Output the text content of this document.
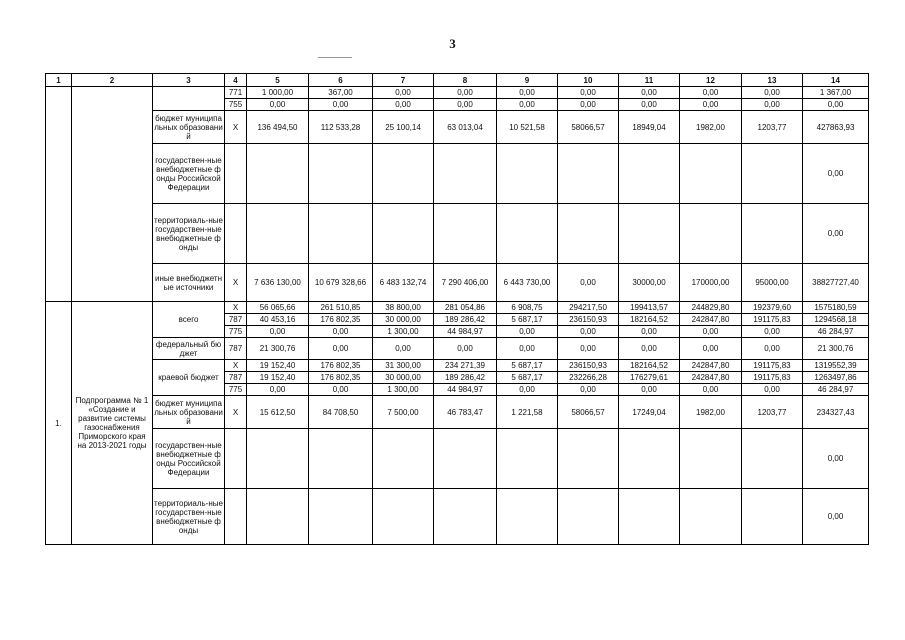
3
1	2	3	4	5	6	7	8	9	10	11	12	13	14
			771	1 000,00	367,00	0,00	0,00	0,00	0,00	0,00	0,00	0,00	1 367,00
			755	0,00	0,00	0,00	0,00	0,00	0,00	0,00	0,00	0,00	0,00
		бюджет муниципальных образований	X	136 494,50	112 533,28	25 100,14	63 013,04	10 521,58	58066,57	18949,04	1982,00	1203,77	427863,93
		государствен-ные внебюджетные фонды Российской Федерации											0,00
		территориаль-ные государствен-ные внебюджетные фонды											0,00
		иные внебюджетные источники	X	7 636 130,00	10 679 328,66	6 483 132,74	7 290 406,00	6 443 730,00	0,00	30000,00	170000,00	95000,00	38827727,40
1.	Подпрограмма № 1 «Создание и развитие системы газоснабжения Приморского края на 2013-2021 годы	всего	X	56 065,66	261 510,85	38 800,00	281 054,86	6 908,75	294217,50	199413,57	244829,80	192379,60	1575180,59
			787	40 453,16	176 802,35	30 000,00	189 286,42	5 687,17	236150,93	182164,52	242847,80	191175,83	1294568,18
			775	0,00	0,00	1 300,00	44 984,97	0,00	0,00	0,00	0,00	0,00	46 284,97
		федеральный бюджет	787	21 300,76	0,00	0,00	0,00	0,00	0,00	0,00	0,00	0,00	21 300,76
		краевой бюджет	X	19 152,40	176 802,35	31 300,00	234 271,39	5 687,17	236150,93	182164,52	242847,80	191175,83	1319552,39
			787	19 152,40	176 802,35	30 000,00	189 286,42	5 687,17	232266,28	176279,61	242847,80	191175,83	1263497,86
			775	0,00	0,00	1 300,00	44 984,97	0,00	0,00	0,00	0,00	0,00	46 284,97
		бюджет муниципальных образований	X	15 612,50	84 708,50	7 500,00	46 783,47	1 221,58	58066,57	17249,04	1982,00	1203,77	234327,43
		государствен-ные внебюджетные фонды Российской Федерации											0,00
		территориаль-ные государствен-ные внебюджетные фонды											0,00
